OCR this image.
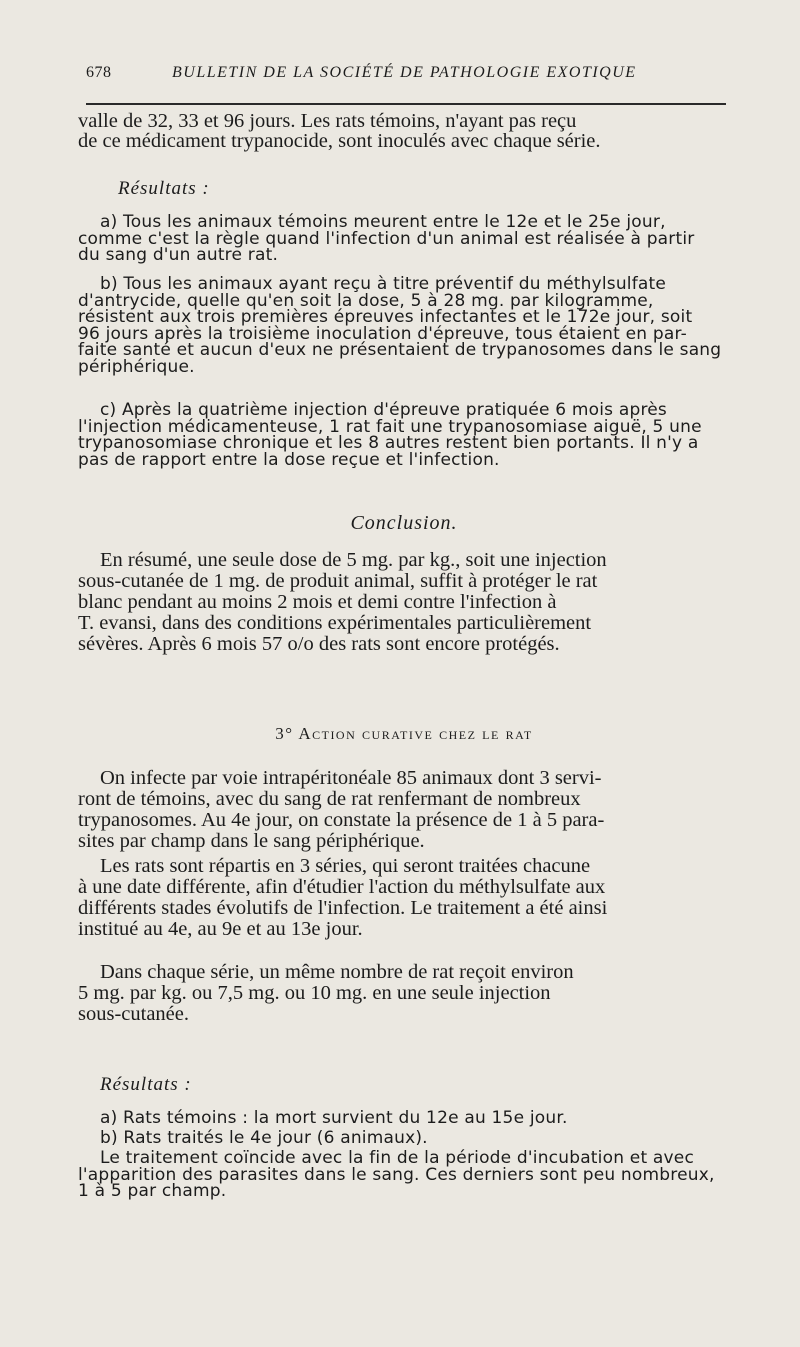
678	BULLETIN DE LA SOCIÉTÉ DE PATHOLOGIE EXOTIQUE
valle de 32, 33 et 96 jours. Les rats témoins, n'ayant pas reçu
de ce médicament trypanocide, sont inoculés avec chaque série.
Résultats :
a) Tous les animaux témoins meurent entre le 12e et le 25e jour,
comme c'est la règle quand l'infection d'un animal est réalisée à partir
du sang d'un autre rat.
b) Tous les animaux ayant reçu à titre préventif du méthylsulfate
d'antrycide, quelle qu'en soit la dose, 5 à 28 mg. par kilogramme,
résistent aux trois premières épreuves infectantes et le 172e jour, soit
96 jours après la troisième inoculation d'épreuve, tous étaient en par-
faite santé et aucun d'eux ne présentaient de trypanosomes dans le sang
périphérique.
c) Après la quatrième injection d'épreuve pratiquée 6 mois après
l'injection médicamenteuse, 1 rat fait une trypanosomiase aiguë, 5 une
trypanosomiase chronique et les 8 autres restent bien portants. Il n'y a
pas de rapport entre la dose reçue et l'infection.
Conclusion.
En résumé, une seule dose de 5 mg. par kg., soit une injection
sous-cutanée de 1 mg. de produit animal, suffit à protéger le rat
blanc pendant au moins 2 mois et demi contre l'infection à
T. evansi, dans des conditions expérimentales particulièrement
sévères. Après 6 mois 57 o/o des rats sont encore protégés.
3° Action curative chez le rat
On infecte par voie intrapéritonéale 85 animaux dont 3 servi-
ront de témoins, avec du sang de rat renfermant de nombreux
trypanosomes. Au 4e jour, on constate la présence de 1 à 5 para-
sites par champ dans le sang périphérique.
Les rats sont répartis en 3 séries, qui seront traitées chacune
à une date différente, afin d'étudier l'action du méthylsulfate aux
différents stades évolutifs de l'infection. Le traitement a été ainsi
institué au 4e, au 9e et au 13e jour.
Dans chaque série, un même nombre de rat reçoit environ
5 mg. par kg. ou 7,5 mg. ou 10 mg. en une seule injection
sous-cutanée.
Résultats :
a) Rats témoins : la mort survient du 12e au 15e jour.
b) Rats traités le 4e jour (6 animaux).
Le traitement coïncide avec la fin de la période d'incubation et avec
l'apparition des parasites dans le sang. Ces derniers sont peu nombreux,
1 à 5 par champ.
